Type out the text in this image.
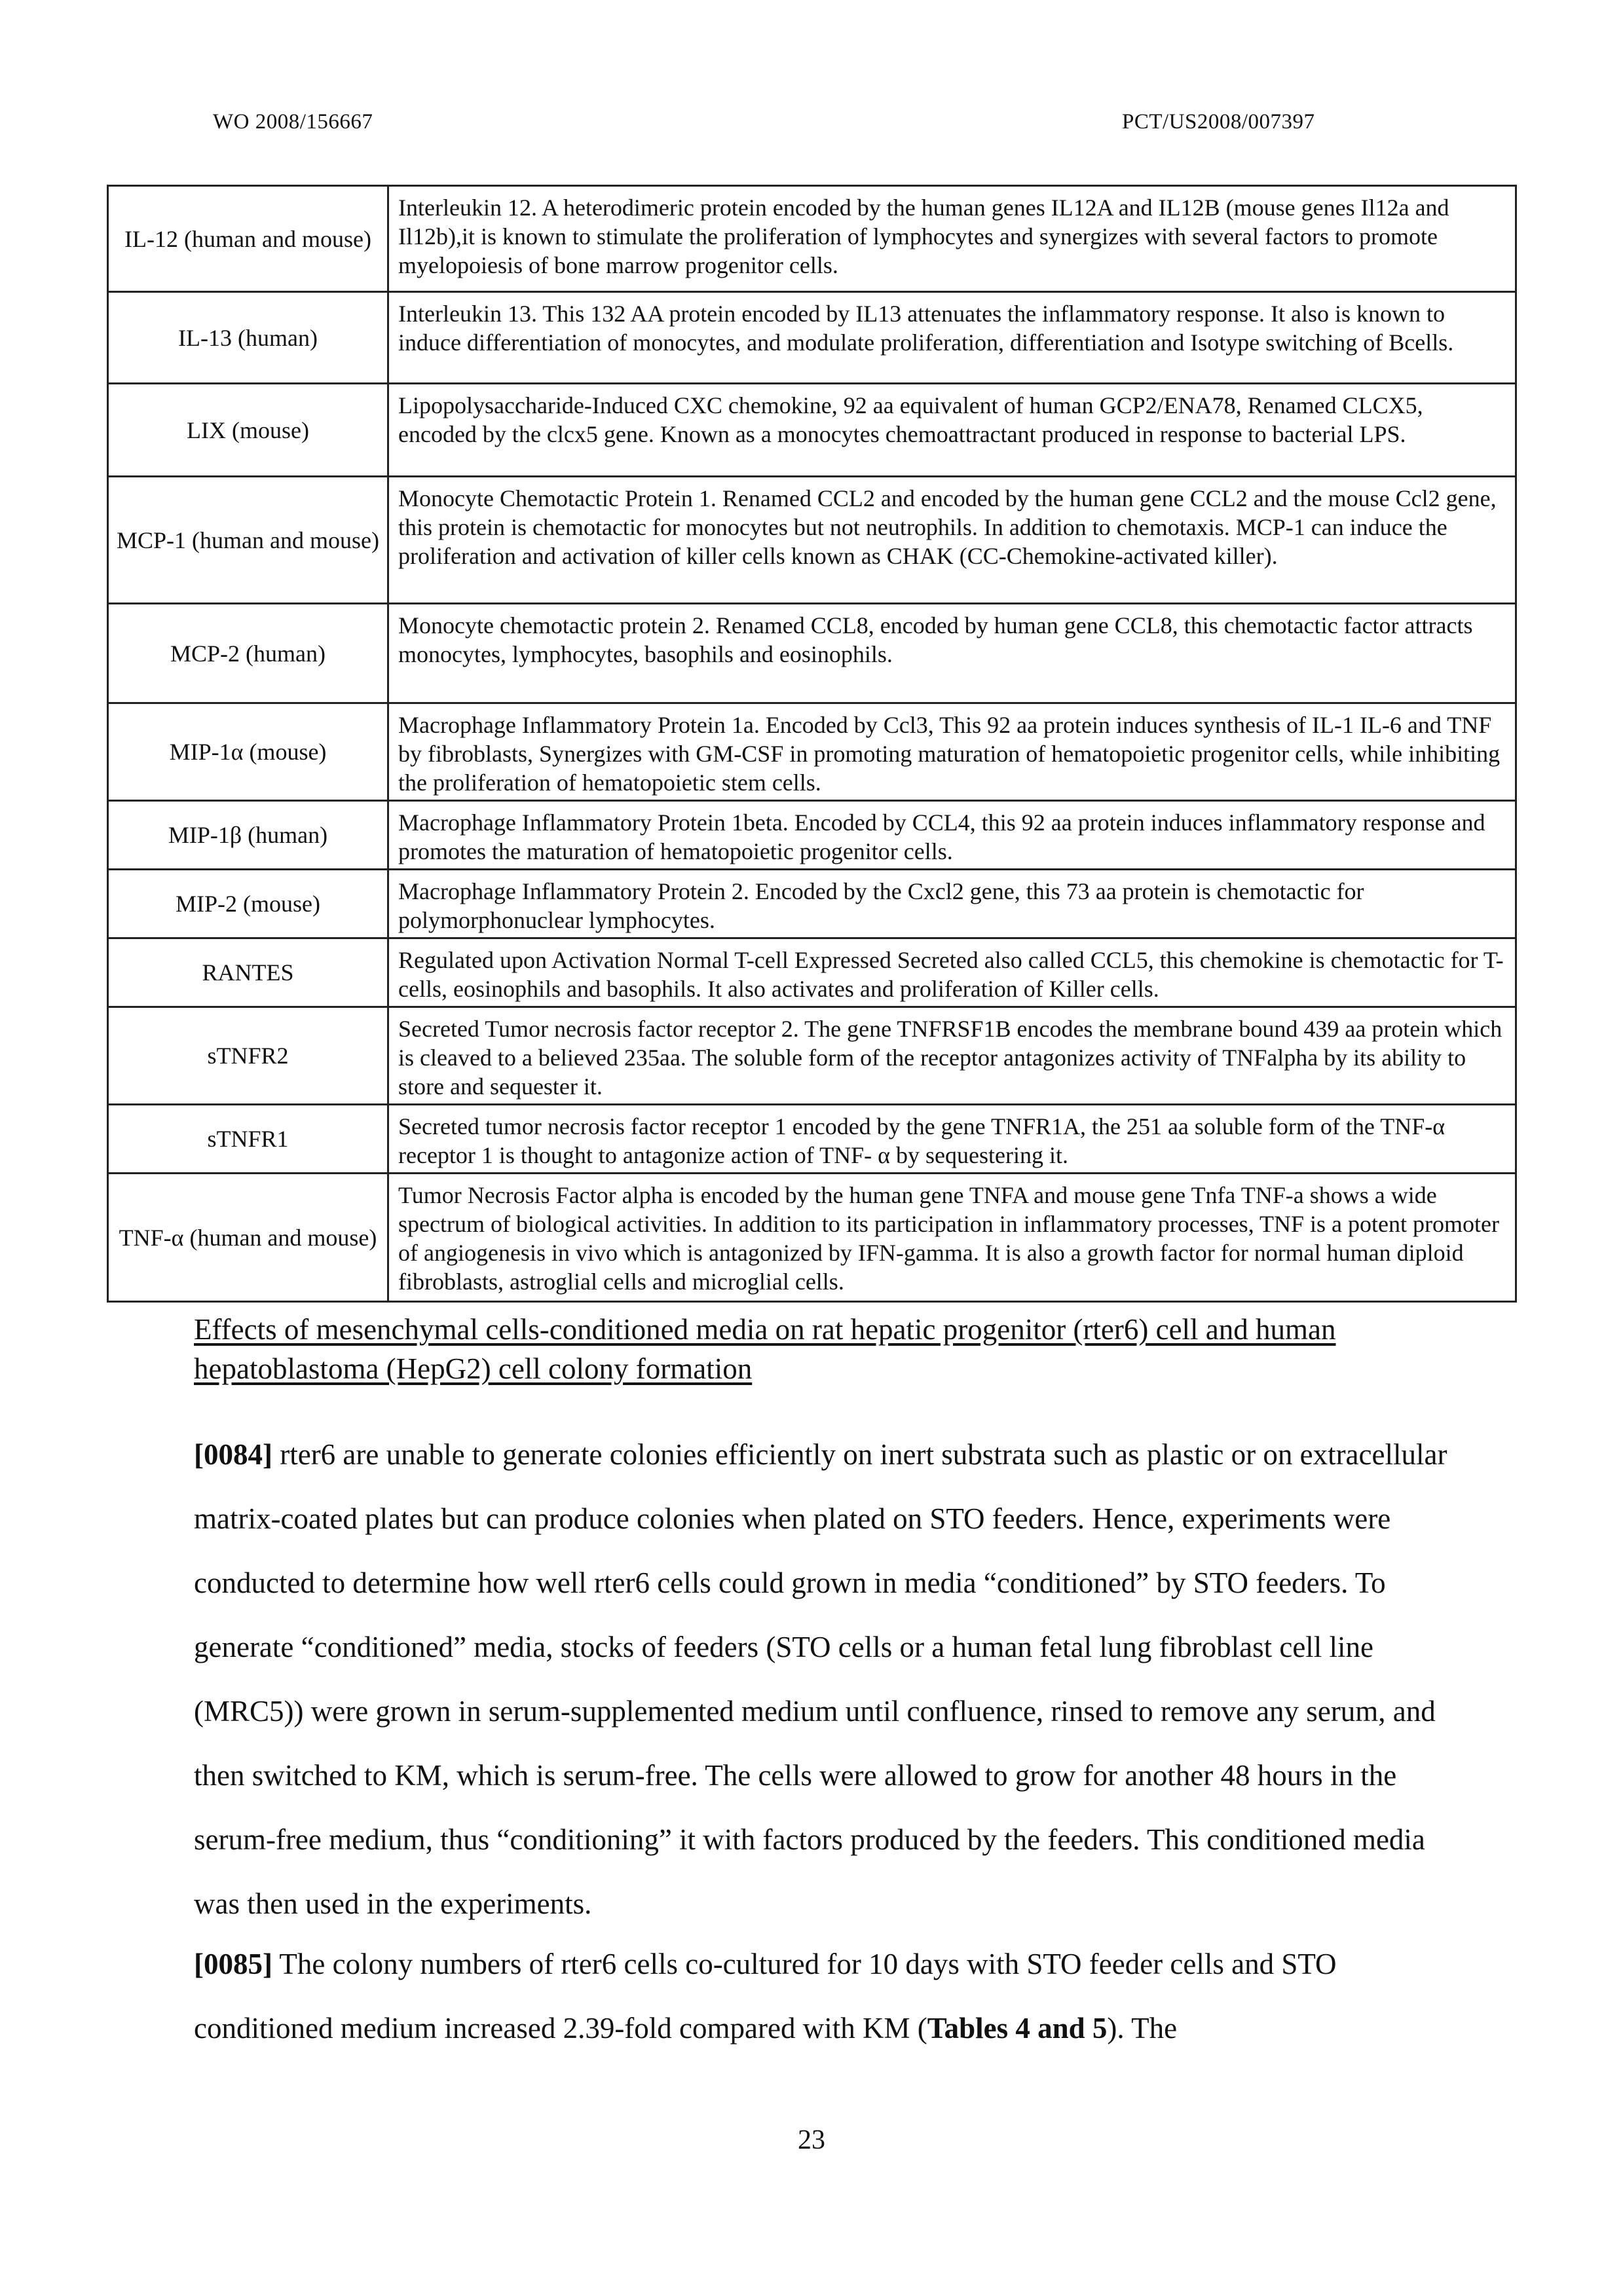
WO 2008/156667	PCT/US2008/007397
IL-12 (human and mouse)	Interleukin 12. A heterodimeric protein encoded by the human genes IL12A and IL12B (mouse genes Il12a and Il12b),it is known to stimulate the proliferation of lymphocytes and synergizes with several factors to promote myelopoiesis of bone marrow progenitor cells.
IL-13 (human)	Interleukin 13. This 132 AA protein encoded by IL13 attenuates the inflammatory response. It also is known to induce differentiation of monocytes, and modulate proliferation, differentiation and Isotype switching of Bcells.
LIX (mouse)	Lipopolysaccharide-Induced CXC chemokine, 92 aa equivalent of human GCP2/ENA78, Renamed CLCX5, encoded by the clcx5 gene. Known as a monocytes chemoattractant produced in response to bacterial LPS.
MCP-1 (human and mouse)	Monocyte Chemotactic Protein 1. Renamed CCL2 and encoded by the human gene CCL2 and the mouse Ccl2 gene, this protein is chemotactic for monocytes but not neutrophils. In addition to chemotaxis. MCP-1 can induce the proliferation and activation of killer cells known as CHAK (CC-Chemokine-activated killer).
MCP-2 (human)	Monocyte chemotactic protein 2. Renamed CCL8, encoded by human gene CCL8, this chemotactic factor attracts monocytes, lymphocytes, basophils and eosinophils.
MIP-1α (mouse)	Macrophage Inflammatory Protein 1a. Encoded by Ccl3, This 92 aa protein induces synthesis of IL-1 IL-6 and TNF by fibroblasts, Synergizes with GM-CSF in promoting maturation of hematopoietic progenitor cells, while inhibiting the proliferation of hematopoietic stem cells.
MIP-1β (human)	Macrophage Inflammatory Protein 1beta. Encoded by CCL4, this 92 aa protein induces inflammatory response and promotes the maturation of hematopoietic progenitor cells.
MIP-2 (mouse)	Macrophage Inflammatory Protein 2. Encoded by the Cxcl2 gene, this 73 aa protein is chemotactic for polymorphonuclear lymphocytes.
RANTES	Regulated upon Activation Normal T-cell Expressed Secreted also called CCL5, this chemokine is chemotactic for T-cells, eosinophils and basophils. It also activates and proliferation of Killer cells.
sTNFR2	Secreted Tumor necrosis factor receptor 2. The gene TNFRSF1B encodes the membrane bound 439 aa protein which is cleaved to a believed 235aa. The soluble form of the receptor antagonizes activity of TNFalpha by its ability to store and sequester it.
sTNFR1	Secreted tumor necrosis factor receptor 1 encoded by the gene TNFR1A, the 251 aa soluble form of the TNF-α receptor 1 is thought to antagonize action of TNF- α by sequestering it.
TNF-α (human and mouse)	Tumor Necrosis Factor alpha is encoded by the human gene TNFA and mouse gene Tnfa TNF-a shows a wide spectrum of biological activities. In addition to its participation in inflammatory processes, TNF is a potent promoter of angiogenesis in vivo which is antagonized by IFN-gamma. It is also a growth factor for normal human diploid fibroblasts, astroglial cells and microglial cells.
Effects of mesenchymal cells-conditioned media on rat hepatic progenitor (rter6) cell and human hepatoblastoma (HepG2) cell colony formation
[0084] rter6 are unable to generate colonies efficiently on inert substrata such as plastic or on extracellular matrix-coated plates but can produce colonies when plated on STO feeders. Hence, experiments were conducted to determine how well rter6 cells could grown in media “conditioned” by STO feeders. To generate “conditioned” media, stocks of feeders (STO cells or a human fetal lung fibroblast cell line (MRC5)) were grown in serum-supplemented medium until confluence, rinsed to remove any serum, and then switched to KM, which is serum-free. The cells were allowed to grow for another 48 hours in the serum-free medium, thus “conditioning” it with factors produced by the feeders. This conditioned media was then used in the experiments.
[0085] The colony numbers of rter6 cells co-cultured for 10 days with STO feeder cells and STO conditioned medium increased 2.39-fold compared with KM (Tables 4 and 5). The
23
